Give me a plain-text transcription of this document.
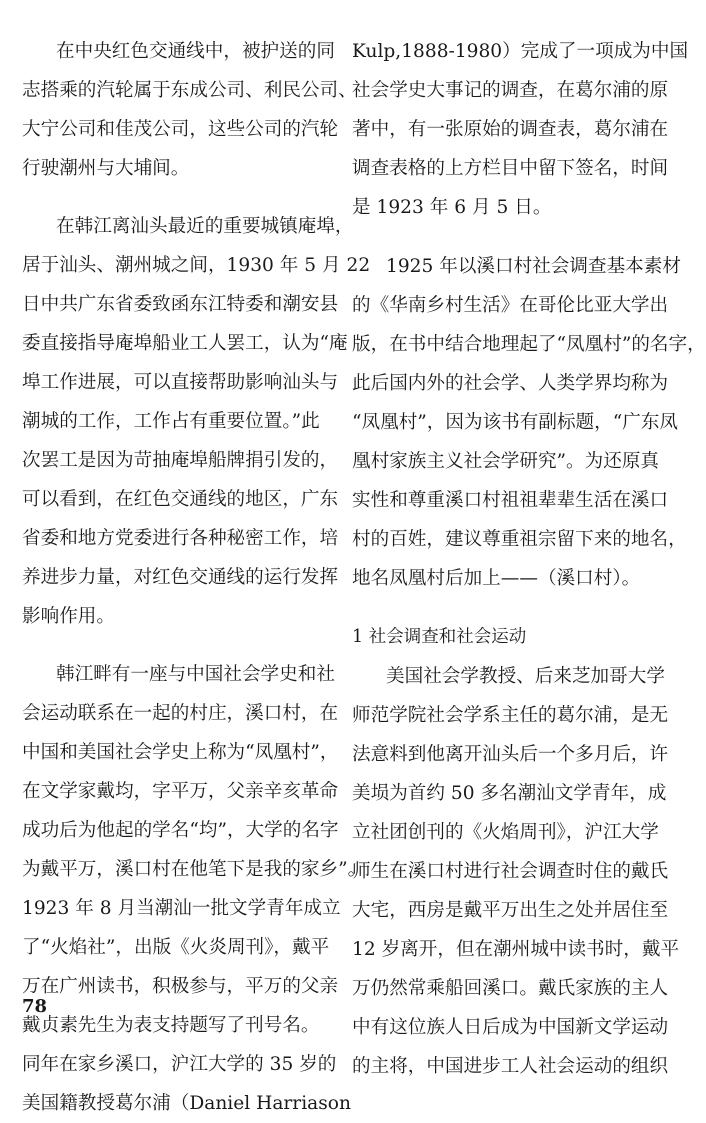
在中央红色交通线中，被护送的同
志搭乘的汽轮属于东成公司、利民公司、
大宁公司和佳茂公司，这些公司的汽轮
行驶潮州与大埔间。
在韩江离汕头最近的重要城镇庵埠，
居于汕头、潮州城之间，1930 年 5 月 22
日中共广东省委致函东江特委和潮安县
委直接指导庵埠船业工人罢工，认为“庵
埠工作进展，可以直接帮助影响汕头与
潮城的工作，工作占有重要位置。”此
次罢工是因为苛抽庵埠船牌捐引发的，
可以看到，在红色交通线的地区，广东
省委和地方党委进行各种秘密工作，培
养进步力量，对红色交通线的运行发挥
影响作用。
韩江畔有一座与中国社会学史和社
会运动联系在一起的村庄，溪口村，在
中国和美国社会学史上称为“凤凰村”，
在文学家戴均，字平万，父亲辛亥革命
成功后为他起的学名“均”，大学的名字
为戴平万，溪口村在他笔下是我的家乡”。
1923 年 8 月当潮汕一批文学青年成立
了“火焰社”，出版《火炎周刊》，戴平
万在广州读书，积极参与，平万的父亲
戴贞素先生为表支持题写了刊号名。
同年在家乡溪口，沪江大学的 35 岁的
美国籍教授葛尔浦（Daniel Harriason
Kulp,1888-1980）完成了一项成为中国
社会学史大事记的调查，在葛尔浦的原
著中，有一张原始的调查表，葛尔浦在
调查表格的上方栏目中留下签名，时间
是 1923 年 6 月 5 日。
1925 年以溪口村社会调查基本素材
的《华南乡村生活》在哥伦比亚大学出
版，在书中结合地理起了“凤凰村”的名字，
此后国内外的社会学、人类学界均称为
“凤凰村”，因为该书有副标题，“广东凤
凰村家族主义社会学研究”。为还原真
实性和尊重溪口村祖祖辈辈生活在溪口
村的百姓，建议尊重祖宗留下来的地名，
地名凤凰村后加上——（溪口村）。
1 社会调查和社会运动
美国社会学教授、后来芝加哥大学
师范学院社会学系主任的葛尔浦，是无
法意料到他离开汕头后一个多月后，许
美埙为首约 50 多名潮汕文学青年，成
立社团创刊的《火焰周刊》，沪江大学
师生在溪口村进行社会调查时住的戴氏
大宅，西房是戴平万出生之处并居住至
12 岁离开，但在潮州城中读书时，戴平
万仍然常乘船回溪口。戴氏家族的主人
中有这位族人日后成为中国新文学运动
的主将，中国进步工人社会运动的组织
78
